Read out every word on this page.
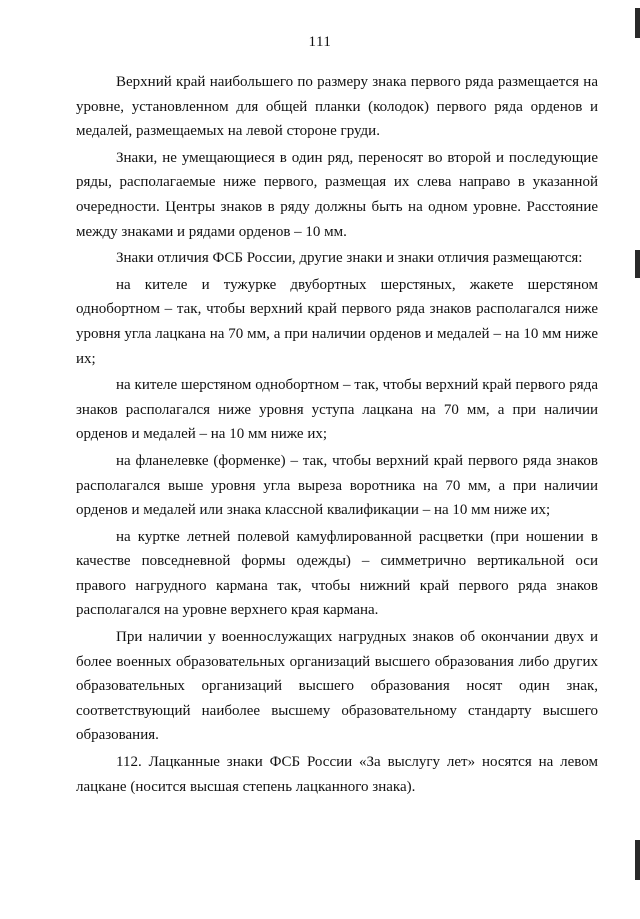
111

Верхний край наибольшего по размеру знака первого ряда размещается на уровне, установленном для общей планки (колодок) первого ряда орденов и медалей, размещаемых на левой стороне груди.

Знаки, не умещающиеся в один ряд, переносят во второй и последующие ряды, располагаемые ниже первого, размещая их слева направо в указанной очередности. Центры знаков в ряду должны быть на одном уровне. Расстояние между знаками и рядами орденов – 10 мм.

Знаки отличия ФСБ России, другие знаки и знаки отличия размещаются:

на кителе и тужурке двубортных шерстяных, жакете шерстяном однобортном – так, чтобы верхний край первого ряда знаков располагался ниже уровня угла лацкана на 70 мм, а при наличии орденов и медалей – на 10 мм ниже их;

на кителе шерстяном однобортном – так, чтобы верхний край первого ряда знаков располагался ниже уровня уступа лацкана на 70 мм, а при наличии орденов и медалей – на 10 мм ниже их;

на фланелевке (форменке) – так, чтобы верхний край первого ряда знаков располагался выше уровня угла выреза воротника на 70 мм, а при наличии орденов и медалей или знака классной квалификации – на 10 мм ниже их;

на куртке летней полевой камуфлированной расцветки (при ношении в качестве повседневной формы одежды) – симметрично вертикальной оси правого нагрудного кармана так, чтобы нижний край первого ряда знаков располагался на уровне верхнего края кармана.

При наличии у военнослужащих нагрудных знаков об окончании двух и более военных образовательных организаций высшего образования либо других образовательных организаций высшего образования носят один знак, соответствующий наиболее высшему образовательному стандарту высшего образования.

112. Лацканные знаки ФСБ России «За выслугу лет» носятся на левом лацкане (носится высшая степень лацканного знака).
